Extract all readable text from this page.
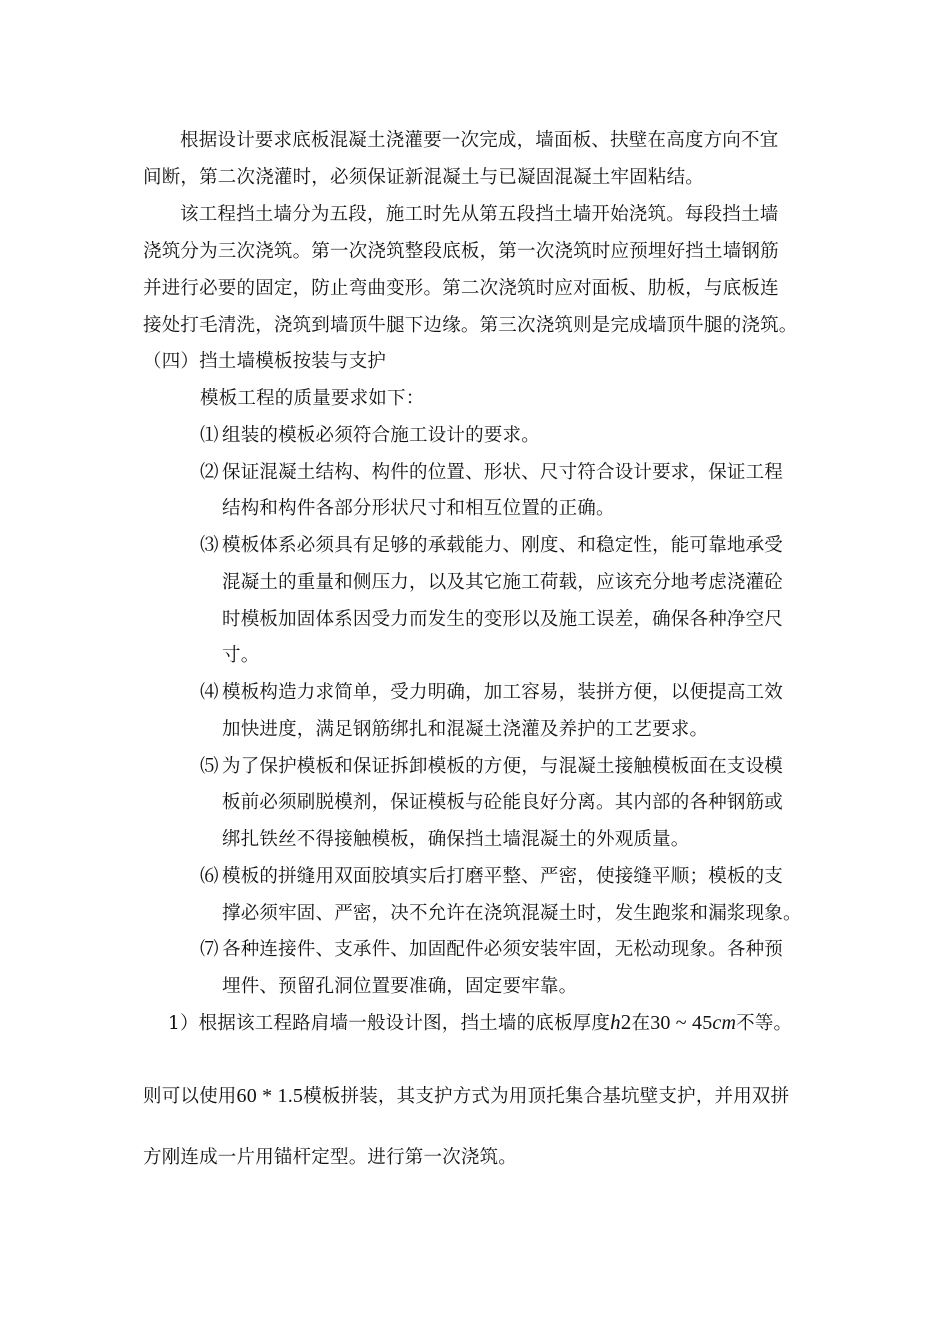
根据设计要求底板混凝土浇灌要一次完成，墙面板、扶壁在高度方向不宜
间断，第二次浇灌时，必须保证新混凝土与已凝固混凝土牢固粘结。
该工程挡土墙分为五段，施工时先从第五段挡土墙开始浇筑。每段挡土墙
浇筑分为三次浇筑。第一次浇筑整段底板，第一次浇筑时应预埋好挡土墙钢筋
并进行必要的固定，防止弯曲变形。第二次浇筑时应对面板、肋板，与底板连
接处打毛清洗，浇筑到墙顶牛腿下边缘。第三次浇筑则是完成墙顶牛腿的浇筑。
（四）挡土墙模板按装与支护
模板工程的质量要求如下：
⑴ 组装的模板必须符合施工设计的要求。
⑵ 保证混凝土结构、构件的位置、形状、尺寸符合设计要求，保证工程
结构和构件各部分形状尺寸和相互位置的正确。
⑶ 模板体系必须具有足够的承载能力、刚度、和稳定性，能可靠地承受
混凝土的重量和侧压力，以及其它施工荷载，应该充分地考虑浇灌砼
时模板加固体系因受力而发生的变形以及施工误差，确保各种净空尺
寸。
⑷ 模板构造力求简单，受力明确，加工容易，装拼方便，以便提高工效
加快进度，满足钢筋绑扎和混凝土浇灌及养护的工艺要求。
⑸ 为了保护模板和保证拆卸模板的方便，与混凝土接触模板面在支设模
板前必须刷脱模剂，保证模板与砼能良好分离。其内部的各种钢筋或
绑扎铁丝不得接触模板，确保挡土墙混凝土的外观质量。
⑹ 模板的拼缝用双面胶填实后打磨平整、严密，使接缝平顺；模板的支
撑必须牢固、严密，决不允许在浇筑混凝土时，发生跑浆和漏浆现象。
⑺ 各种连接件、支承件、加固配件必须安装牢固，无松动现象。各种预
埋件、预留孔洞位置要准确，固定要牢靠。
1）根据该工程路肩墙一般设计图，挡土墙的底板厚度h2在30 ~ 45cm不等。
则可以使用60 * 1.5模板拼装，其支护方式为用顶托集合基坑壁支护，并用双拼
方刚连成一片用锚杆定型。进行第一次浇筑。
